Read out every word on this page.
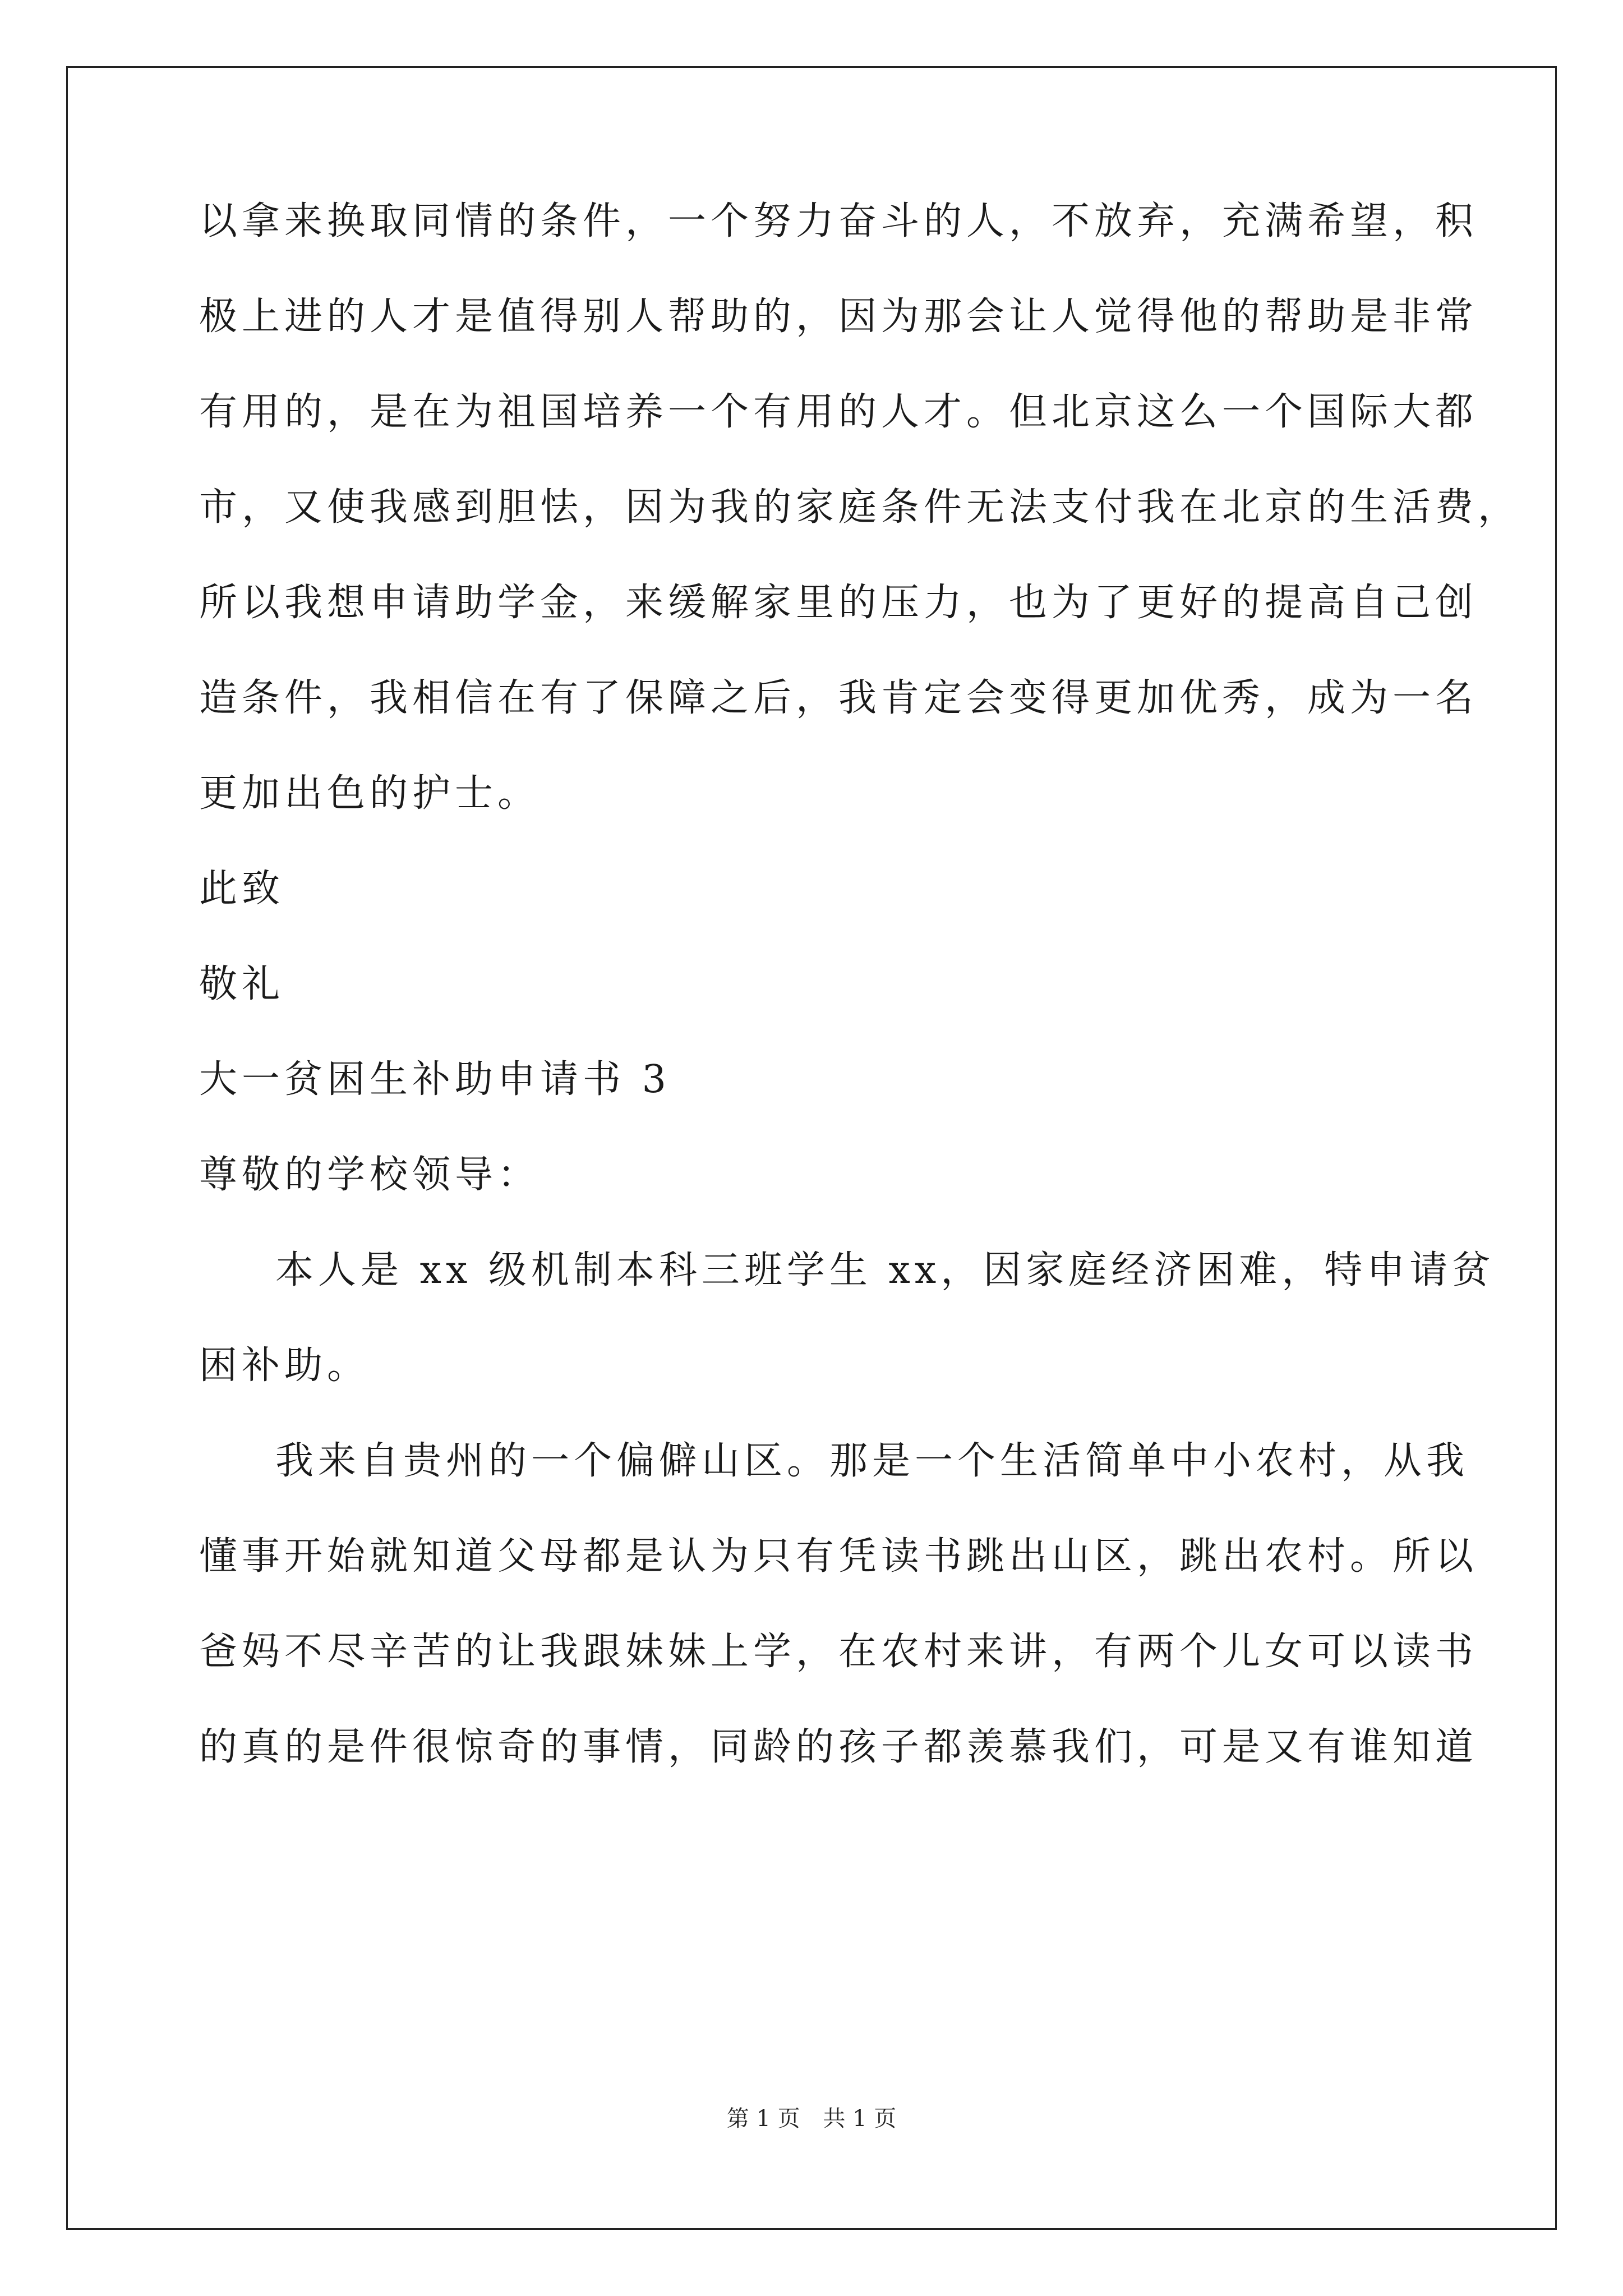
以拿来换取同情的条件，一个努力奋斗的人，不放弃，充满希望，积
极上进的人才是值得别人帮助的，因为那会让人觉得他的帮助是非常
有用的，是在为祖国培养一个有用的人才。但北京这么一个国际大都
市，又使我感到胆怯，因为我的家庭条件无法支付我在北京的生活费，
所以我想申请助学金，来缓解家里的压力，也为了更好的提高自己创
造条件，我相信在有了保障之后，我肯定会变得更加优秀，成为一名
更加出色的护士。
此致
敬礼
大一贫困生补助申请书 3
尊敬的学校领导：
本人是 xx 级机制本科三班学生 xx，因家庭经济困难，特申请贫
困补助。
我来自贵州的一个偏僻山区。那是一个生活简单中小农村，从我
懂事开始就知道父母都是认为只有凭读书跳出山区，跳出农村。所以
爸妈不尽辛苦的让我跟妹妹上学，在农村来讲，有两个儿女可以读书
的真的是件很惊奇的事情，同龄的孩子都羡慕我们，可是又有谁知道
第 1 页 共 1 页
